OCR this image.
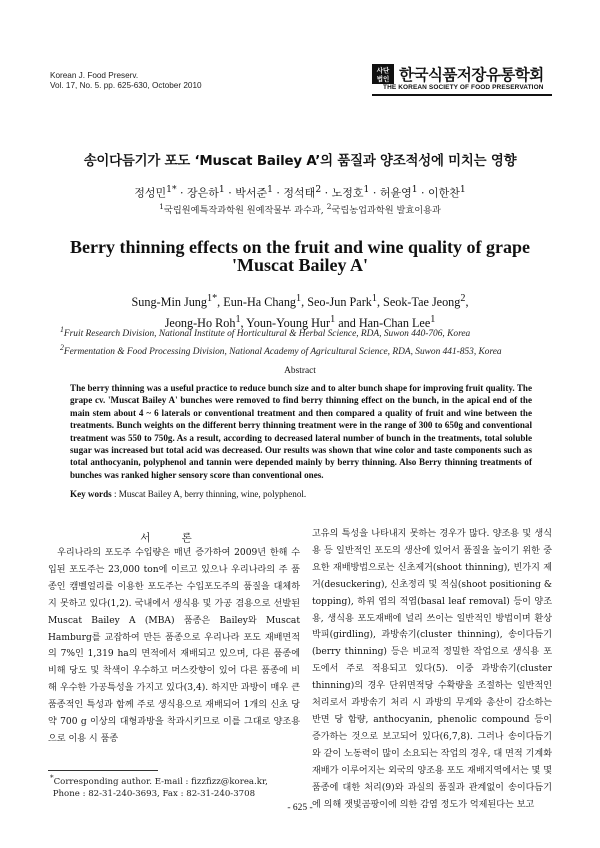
Korean J. Food Preserv.
Vol. 17, No. 5. pp. 625-630, October 2010
사단
법인 한국식품저장유통학회
THE KOREAN SOCIETY OF FOOD PRESERVATION
송이다듬기가 포도 ‘Muscat Bailey A’의 품질과 양조적성에 미치는 영향
정성민$^{1*}$ · 장은하$^1$ · 박서준$^1$ · 정석태$^2$ · 노정호$^1$ · 허윤영$^1$ · 이한찬$^1$
$^1$국립원예특작과학원 원예작물부 과수과, $^2$국립농업과학원 발효이용과
Berry thinning effects on the fruit and wine quality of grape
'Muscat Bailey A'
Sung-Min Jung$^{1*}$, Eun-Ha Chang$^1$, Seo-Jun Park$^1$, Seok-Tae Jeong$^2$,
Jeong-Ho Roh$^1$, Youn-Young Hur$^1$ and Han-Chan Lee$^1$
$^1$Fruit Research Division, National Institute of Horticultural & Herbal Science, RDA, Suwon 440-706, Korea
$^2$Fermentation & Food Processing Division, National Academy of Agricultural Science, RDA, Suwon 441-853, Korea
Abstract
The berry thinning was a useful practice to reduce bunch size and to alter bunch shape for improving fruit quality. The grape cv. 'Muscat Bailey A' bunches were removed to find berry thinning effect on the bunch, in the apical end of the main stem about 4 ~ 6 laterals or conventional treatment and then compared a quality of fruit and wine between the treatments. Bunch weights on the different berry thinning treatment were in the range of 300 to 650g and conventional treatment was 550 to 750g. As a result, according to decreased lateral number of bunch in the treatments, total soluble sugar was increased but total acid was decreased. Our results was shown that wine color and taste components such as total anthocyanin, polyphenol and tannin were depended mainly by berry thinning. Also Berry thinning treatments of bunches was ranked higher sensory score than conventional ones.
Key words : Muscat Bailey A, berry thinning, wine, polyphenol.
서 론

우리나라의 포도주 수입량은 매년 증가하여 2009년 한해 수입된 포도주는 23,000 ton에 이르고 있으나 우리나라의 주 품종인 캠벨얼리를 이용한 포도주는 수입포도주의 품질을 대체하지 못하고 있다(1,2). 국내에서 생식용 및 가공 겸용으로 선발된 Muscat Bailey A (MBA) 품종은 Bailey와 Muscat Hamburg를 교잡하여 만든 품종으로 우리나라 포도 재배면적의 7%인 1,319 ha의 면적에서 재배되고 있으며, 다른 품종에 비해 당도 및 착색이 우수하고 머스캇향이 있어 다른 품종에 비해 우수한 가공특성을 가지고 있다(3,4). 하지만 과방이 매우 큰 품종적인 특성과 함께 주로 생식용으로 재배되어 1개의 신초 당 약 700 g 이상의 대형과방을 착과시키므로 이를 그대로 양조용으로 이용 시 품종

고유의 특성을 나타내지 못하는 경우가 많다. 양조용 및 생식용 등 일반적인 포도의 생산에 있어서 품질을 높이기 위한 중요한 재배방법으로는 신초제거(shoot thinning), 빈가지 제거(desuckering), 신초정리 및 적심(shoot positioning & topping), 하위 엽의 적엽(basal leaf removal) 등이 양조용, 생식용 포도재배에 널리 쓰이는 일반적인 방법이며 환상박피(girdling), 과방솎기(cluster thinning), 송이다듬기(berry thinning) 등은 비교적 정밀한 작업으로 생식용 포도에서 주로 적용되고 있다(5). 이중 과방솎기(cluster thinning)의 경우 단위면적당 수확량을 조절하는 일반적인 처리로서 과방솎기 처리 시 과방의 무게와 총산이 감소하는 반면 당 함량, anthocyanin, phenolic compound 등이 증가하는 것으로 보고되어 있다(6,7,8). 그러나 송이다듬기와 같이 노동력이 많이 소요되는 작업의 경우, 대 면적 기계화 재배가 이루어지는 외국의 양조용 포도 재배지역에서는 몇 몇 품종에 대한 처리(9)와 과실의 품질과 관계없이 송이다듬기에 의해 잿빛곰팡이에 의한 감염 정도가 억제된다는 보고

*Corresponding author. E-mail : fizzfizz@korea.kr,
Phone : 82-31-240-3693, Fax : 82-31-240-3708
- 625 -
